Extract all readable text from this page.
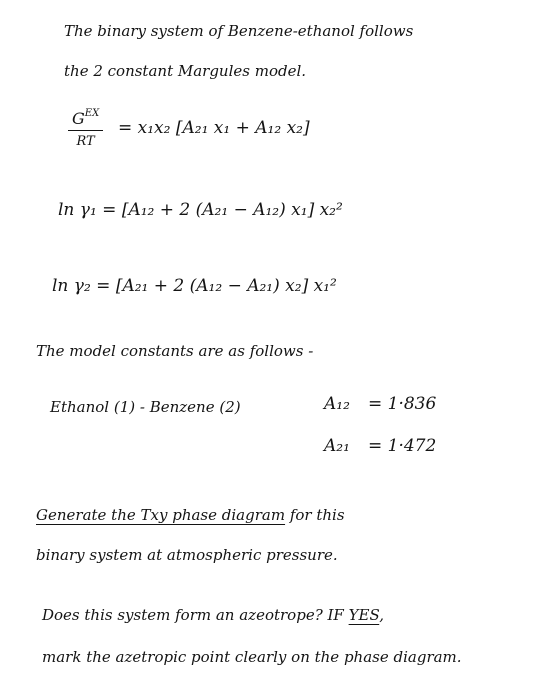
The binary system of Benzene-ethanol follows
the 2 constant Margules model.
$G^{EX}$
RT
= x₁x₂ [A₂₁ x₁ + A₁₂ x₂]
ln γ₁ = [A₁₂ + 2 (A₂₁ − A₁₂) x₁] x₂²
ln γ₂ = [A₂₁ + 2 (A₁₂ − A₂₁) x₂] x₁²
The model constants are as follows -
Ethanol (1) - Benzene (2)	A₁₂ = 1·836
A₂₁ = 1·472
Generate the Txy phase diagram for this
binary system at atmospheric pressure.
Does this system form an azeotrope? IF YES,
mark the azetropic point clearly on the phase diagram.
